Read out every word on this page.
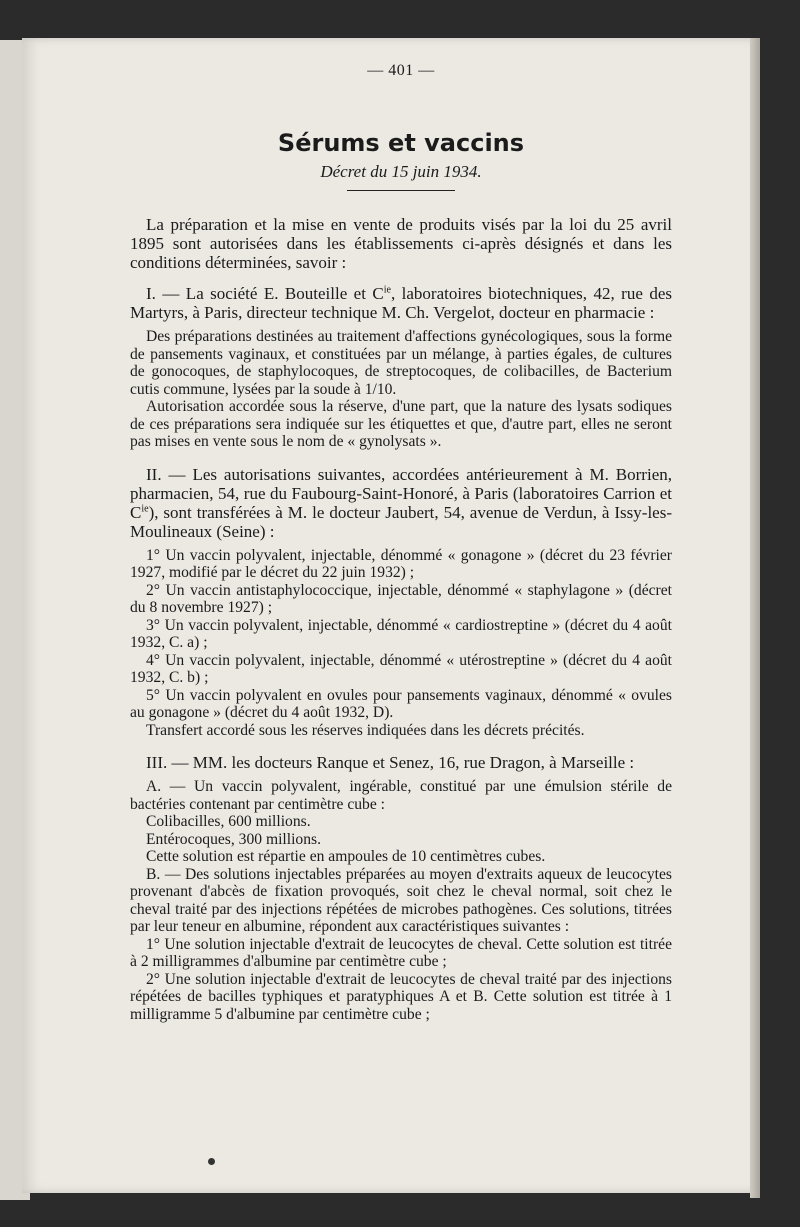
— 401 —
Sérums et vaccins
Décret du 15 juin 1934.

La préparation et la mise en vente de produits visés par la loi du 25 avril 1895 sont autorisées dans les établissements ci-après désignés et dans les conditions déterminées, savoir :

I. — La société E. Bouteille et $C^{ie}$, laboratoires biotechniques, 42, rue des Martyrs, à Paris, directeur technique M. Ch. Vergelot, docteur en pharmacie :

Des préparations destinées au traitement d'affections gynécologiques, sous la forme de pansements vaginaux, et constituées par un mélange, à parties égales, de cultures de gonocoques, de staphylocoques, de streptocoques, de colibacilles, de Bacterium cutis commune, lysées par la soude à 1/10.

Autorisation accordée sous la réserve, d'une part, que la nature des lysats sodiques de ces préparations sera indiquée sur les étiquettes et que, d'autre part, elles ne seront pas mises en vente sous le nom de « gynolysats ».

II. — Les autorisations suivantes, accordées antérieurement à M. Borrien, pharmacien, 54, rue du Faubourg-Saint-Honoré, à Paris (laboratoires Carrion et $C^{ie}$), sont transférées à M. le docteur Jaubert, 54, avenue de Verdun, à Issy-les-Moulineaux (Seine) :

1° Un vaccin polyvalent, injectable, dénommé « gonagone » (décret du 23 février 1927, modifié par le décret du 22 juin 1932) ;

2° Un vaccin antistaphylococcique, injectable, dénommé « staphylagone » (décret du 8 novembre 1927) ;

3° Un vaccin polyvalent, injectable, dénommé « cardiostreptine » (décret du 4 août 1932, C. a) ;

4° Un vaccin polyvalent, injectable, dénommé « utérostreptine » (décret du 4 août 1932, C. b) ;

5° Un vaccin polyvalent en ovules pour pansements vaginaux, dénommé « ovules au gonagone » (décret du 4 août 1932, D).

Transfert accordé sous les réserves indiquées dans les décrets précités.

III. — MM. les docteurs Ranque et Senez, 16, rue Dragon, à Marseille :

A. — Un vaccin polyvalent, ingérable, constitué par une émulsion stérile de bactéries contenant par centimètre cube :

Colibacilles, 600 millions.

Entérocoques, 300 millions.

Cette solution est répartie en ampoules de 10 centimètres cubes.

B. — Des solutions injectables préparées au moyen d'extraits aqueux de leucocytes provenant d'abcès de fixation provoqués, soit chez le cheval normal, soit chez le cheval traité par des injections répétées de microbes pathogènes. Ces solutions, titrées par leur teneur en albumine, répondent aux caractéristiques suivantes :

1° Une solution injectable d'extrait de leucocytes de cheval. Cette solution est titrée à 2 milligrammes d'albumine par centimètre cube ;

2° Une solution injectable d'extrait de leucocytes de cheval traité par des injections répétées de bacilles typhiques et paratyphiques A et B. Cette solution est titrée à 1 milligramme 5 d'albumine par centimètre cube ;
